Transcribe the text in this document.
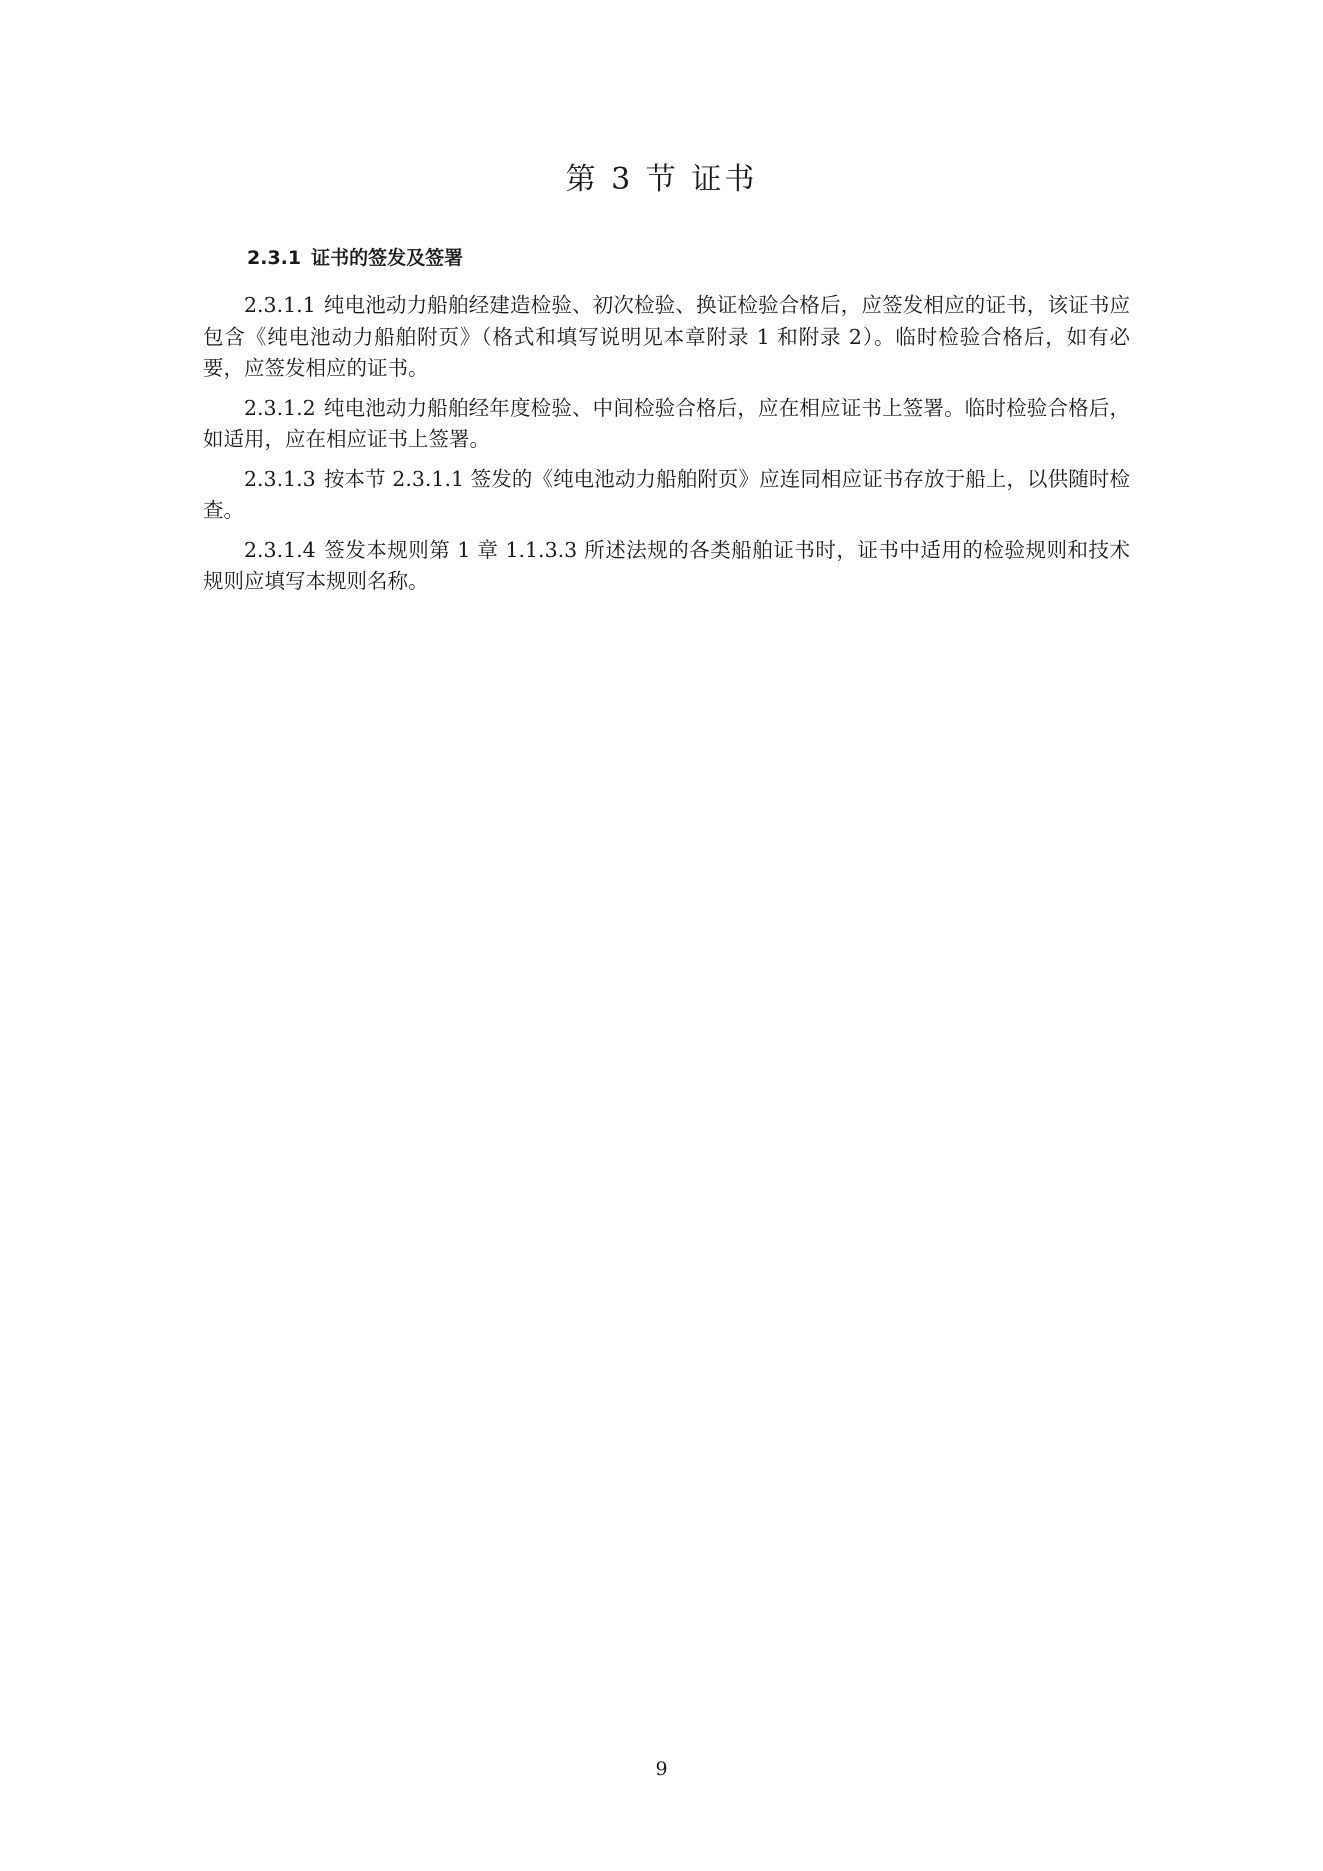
第 3 节 证书
2.3.1 证书的签发及签署

2.3.1.1 纯电池动力船舶经建造检验、初次检验、换证检验合格后，应签发相应的证书，该证书应包含《纯电池动力船舶附页》（格式和填写说明见本章附录 1 和附录 2）。临时检验合格后，如有必要，应签发相应的证书。

2.3.1.2 纯电池动力船舶经年度检验、中间检验合格后，应在相应证书上签署。临时检验合格后，如适用，应在相应证书上签署。

2.3.1.3 按本节 2.3.1.1 签发的《纯电池动力船舶附页》应连同相应证书存放于船上，以供随时检查。

2.3.1.4 签发本规则第 1 章 1.1.3.3 所述法规的各类船舶证书时，证书中适用的检验规则和技术规则应填写本规则名称。

9
